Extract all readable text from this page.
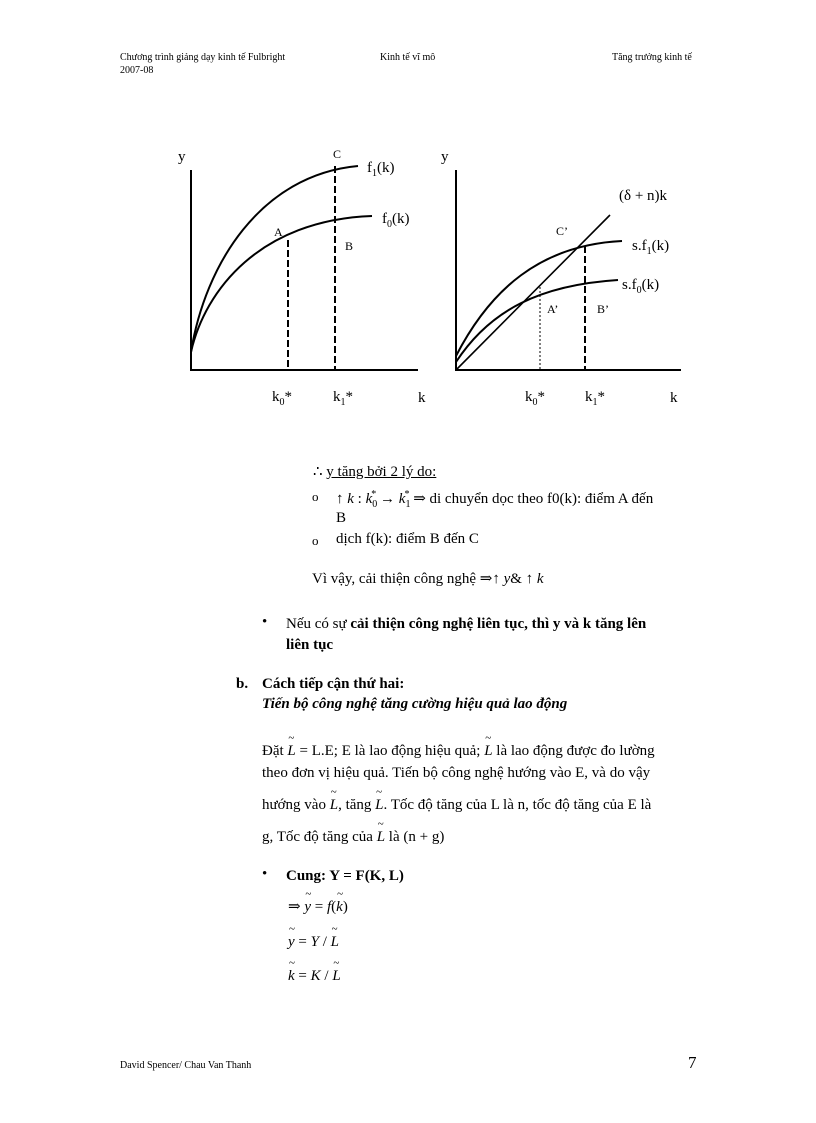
Chương trình giảng dạy kinh tế Fulbright
2007-08
Kinh tế vĩ mô	Tăng trưởng kinh tế
y	C
$f_1(k)$
$f_0(k)$
A
B
$k_0*$	$k_1*$	k
y
(δ + n)k
C’
$s.f_1(k)$
$s.f_0(k)$
A’	B’
$k_0*$	$k_1*$	k
∴ y tăng bởi 2 lý do:
o ↑ k : $k_0^* \to k_1^*$ ⇒ di chuyển dọc theo f0(k): điểm A đến
B
o dịch f(k): điểm B đến C
Vì vậy, cải thiện công nghệ ⇒↑ y& ↑ k
• Nếu có sự cải thiện công nghệ liên tục, thì y và k tăng lên
liên tục
b. Cách tiếp cận thứ hai:
Tiến bộ công nghệ tăng cường hiệu quả lao động
Đặt ~ L = L.E; E là lao động hiệu quả; ~ L là lao động được đo lường
theo đơn vị hiệu quả. Tiến bộ công nghệ hướng vào E, và do vậy
hướng vào ~ L, tăng ~ L. Tốc độ tăng của L là n, tốc độ tăng của E là
g, Tốc độ tăng của ~ L là (n + g)
• Cung: Y = F(K, L)
⇒ ~ y = f(~ k)
~ y = Y / ~ L
~ k = K / ~ L
David Spencer/ Chau Van Thanh	7
